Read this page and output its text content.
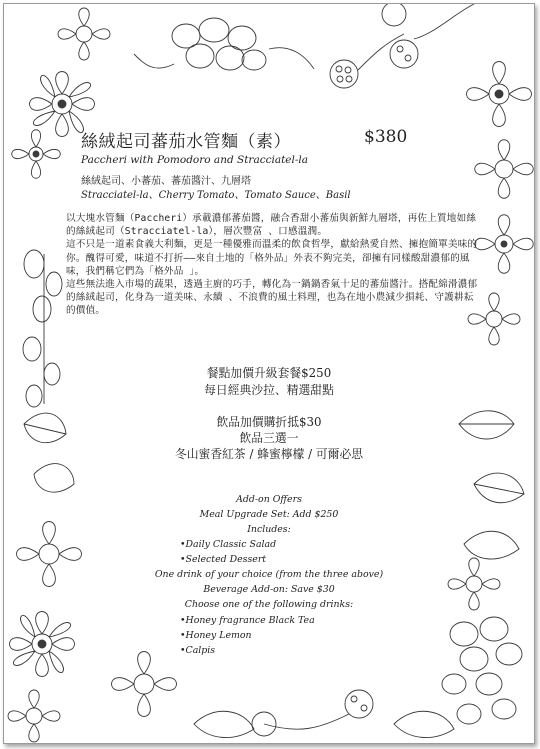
絲絨起司蕃茄水管麵（素）	$380
Paccheri with Pomodoro and Stracciatel-la
絲絨起司、小蕃茄、蕃茄醬汁、九層塔
Stracciatel-la、Cherry Tomato、Tomato Sauce、Basil

以大塊水管麵（Paccheri）承載濃郁蕃茄醬，融合香甜小蕃茄與新鮮九層塔，再佐上質地如絲的絲絨起司（Stracciatel-la），層次豐富 、口感溫潤。

這不只是一道素食義大利麵，更是一種優雅而溫柔的飲食哲學，獻給熱愛自然、擁抱簡單美味的你。醜得可愛，味道不打折——來自土地的「格外品」外表不夠完美，卻擁有同樣酸甜濃郁的風味，我們稱它們為「格外品 」。

這些無法進入市場的蔬果，透過主廚的巧手，轉化為一鍋鍋香氣十足的蕃茄醬汁。搭配綿滑濃郁的絲絨起司，化身為一道美味、永續 、不浪費的風土料理，也為在地小農減少損耗、守護耕耘的價值。

餐點加價升級套餐$250
每日經典沙拉、精選甜點
飲品加價購折抵$30
飲品三選一
冬山蜜香紅茶 / 蜂蜜檸檬 / 可爾必思
Add-on Offers
Meal Upgrade Set: Add $250
Includes:
•Daily Classic Salad
•Selected Dessert
One drink of your choice (from the three above)
Beverage Add-on: Save $30
Choose one of the following drinks:
•Honey fragrance Black Tea
•Honey Lemon
•Calpis
